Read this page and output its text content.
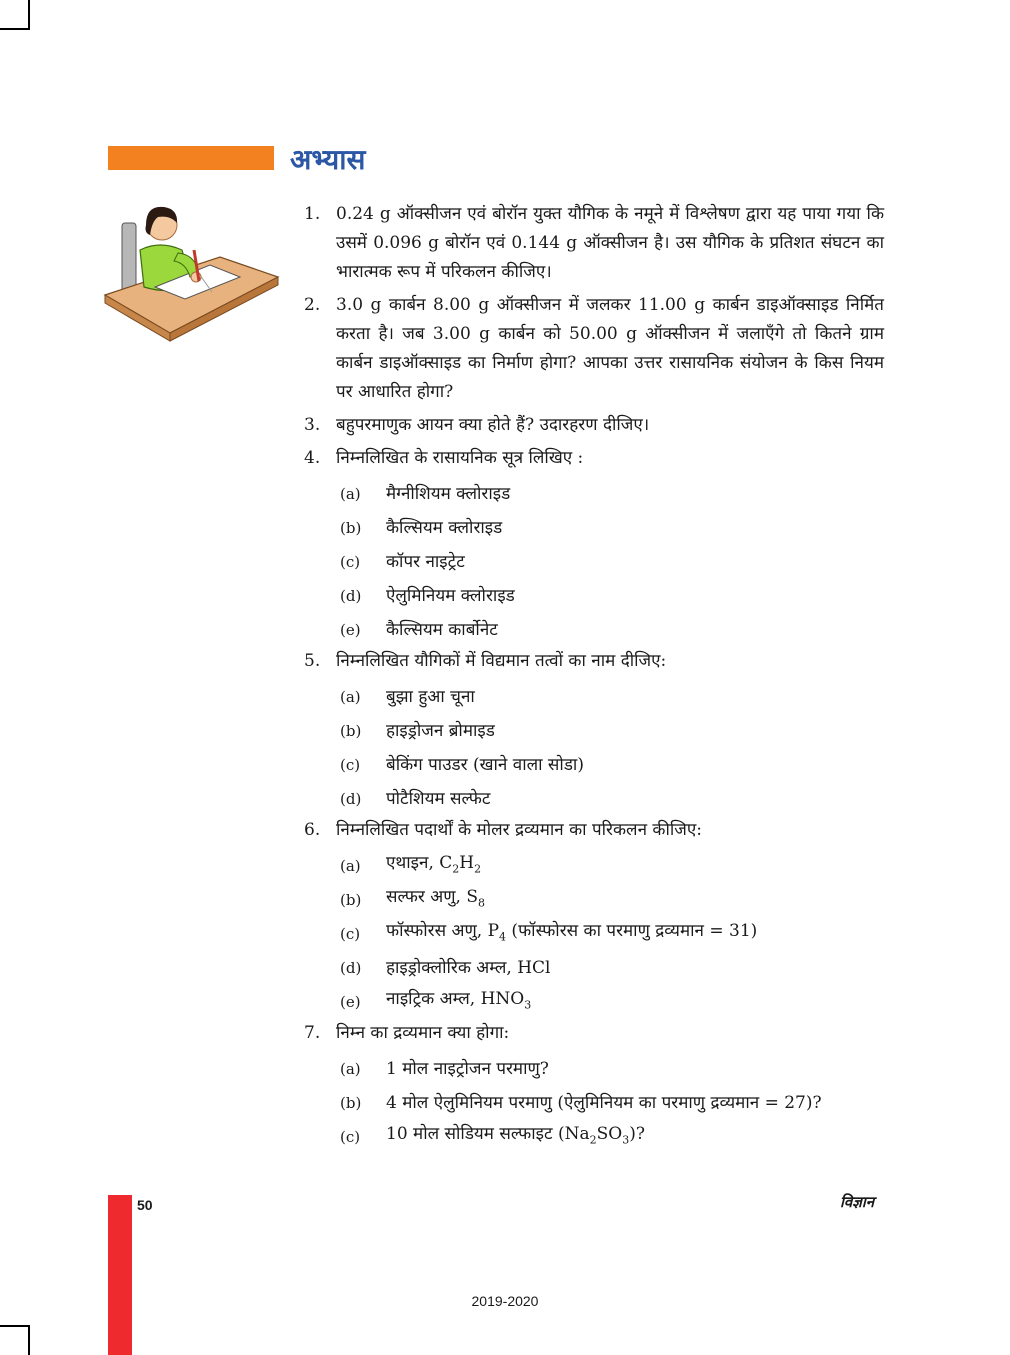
अभ्यास
1. 0.24 g ऑक्सीजन एवं बोरॉन युक्त यौगिक के नमूने में विश्लेषण द्वारा यह पाया गया कि उसमें 0.096 g बोरॉन एवं 0.144 g ऑक्सीजन है। उस यौगिक के प्रतिशत संघटन का भारात्मक रूप में परिकलन कीजिए।
2. 3.0 g कार्बन 8.00 g ऑक्सीजन में जलकर 11.00 g कार्बन डाइऑक्साइड निर्मित करता है। जब 3.00 g कार्बन को 50.00 g ऑक्सीजन में जलाएँगे तो कितने ग्राम कार्बन डाइऑक्साइड का निर्माण होगा? आपका उत्तर रासायनिक संयोजन के किस नियम पर आधारित होगा?
3. बहुपरमाणुक आयन क्या होते हैं? उदारहरण दीजिए।
4. निम्नलिखित के रासायनिक सूत्र लिखिए :
(a)	मैग्नीशियम क्लोराइड
(b)	कैल्सियम क्लोराइड
(c)	कॉपर नाइट्रेट
(d)	ऐलुमिनियम क्लोराइड
(e)	कैल्सियम कार्बोनेट
5. निम्नलिखित यौगिकों में विद्यमान तत्वों का नाम दीजिए:
(a)	बुझा हुआ चूना
(b)	हाइड्रोजन ब्रोमाइड
(c)	बेकिंग पाउडर (खाने वाला सोडा)
(d)	पोटैशियम सल्फेट
6. निम्नलिखित पदार्थों के मोलर द्रव्यमान का परिकलन कीजिए:
(a)	एथाइन, $C_2H_2$
(b)	सल्फर अणु, $S_8$
(c)	फॉस्फोरस अणु, $P_4$ (फॉस्फोरस का परमाणु द्रव्यमान = 31)
(d)	हाइड्रोक्लोरिक अम्ल, HCl
(e)	नाइट्रिक अम्ल, $HNO_3$
7. निम्न का द्रव्यमान क्या होगा:
(a)	1 मोल नाइट्रोजन परमाणु?
(b)	4 मोल ऐलुमिनियम परमाणु (ऐलुमिनियम का परमाणु द्रव्यमान = 27)?
(c)	10 मोल सोडियम सल्फाइट $(Na_2SO_3)$?
50	विज्ञान
2019-2020
